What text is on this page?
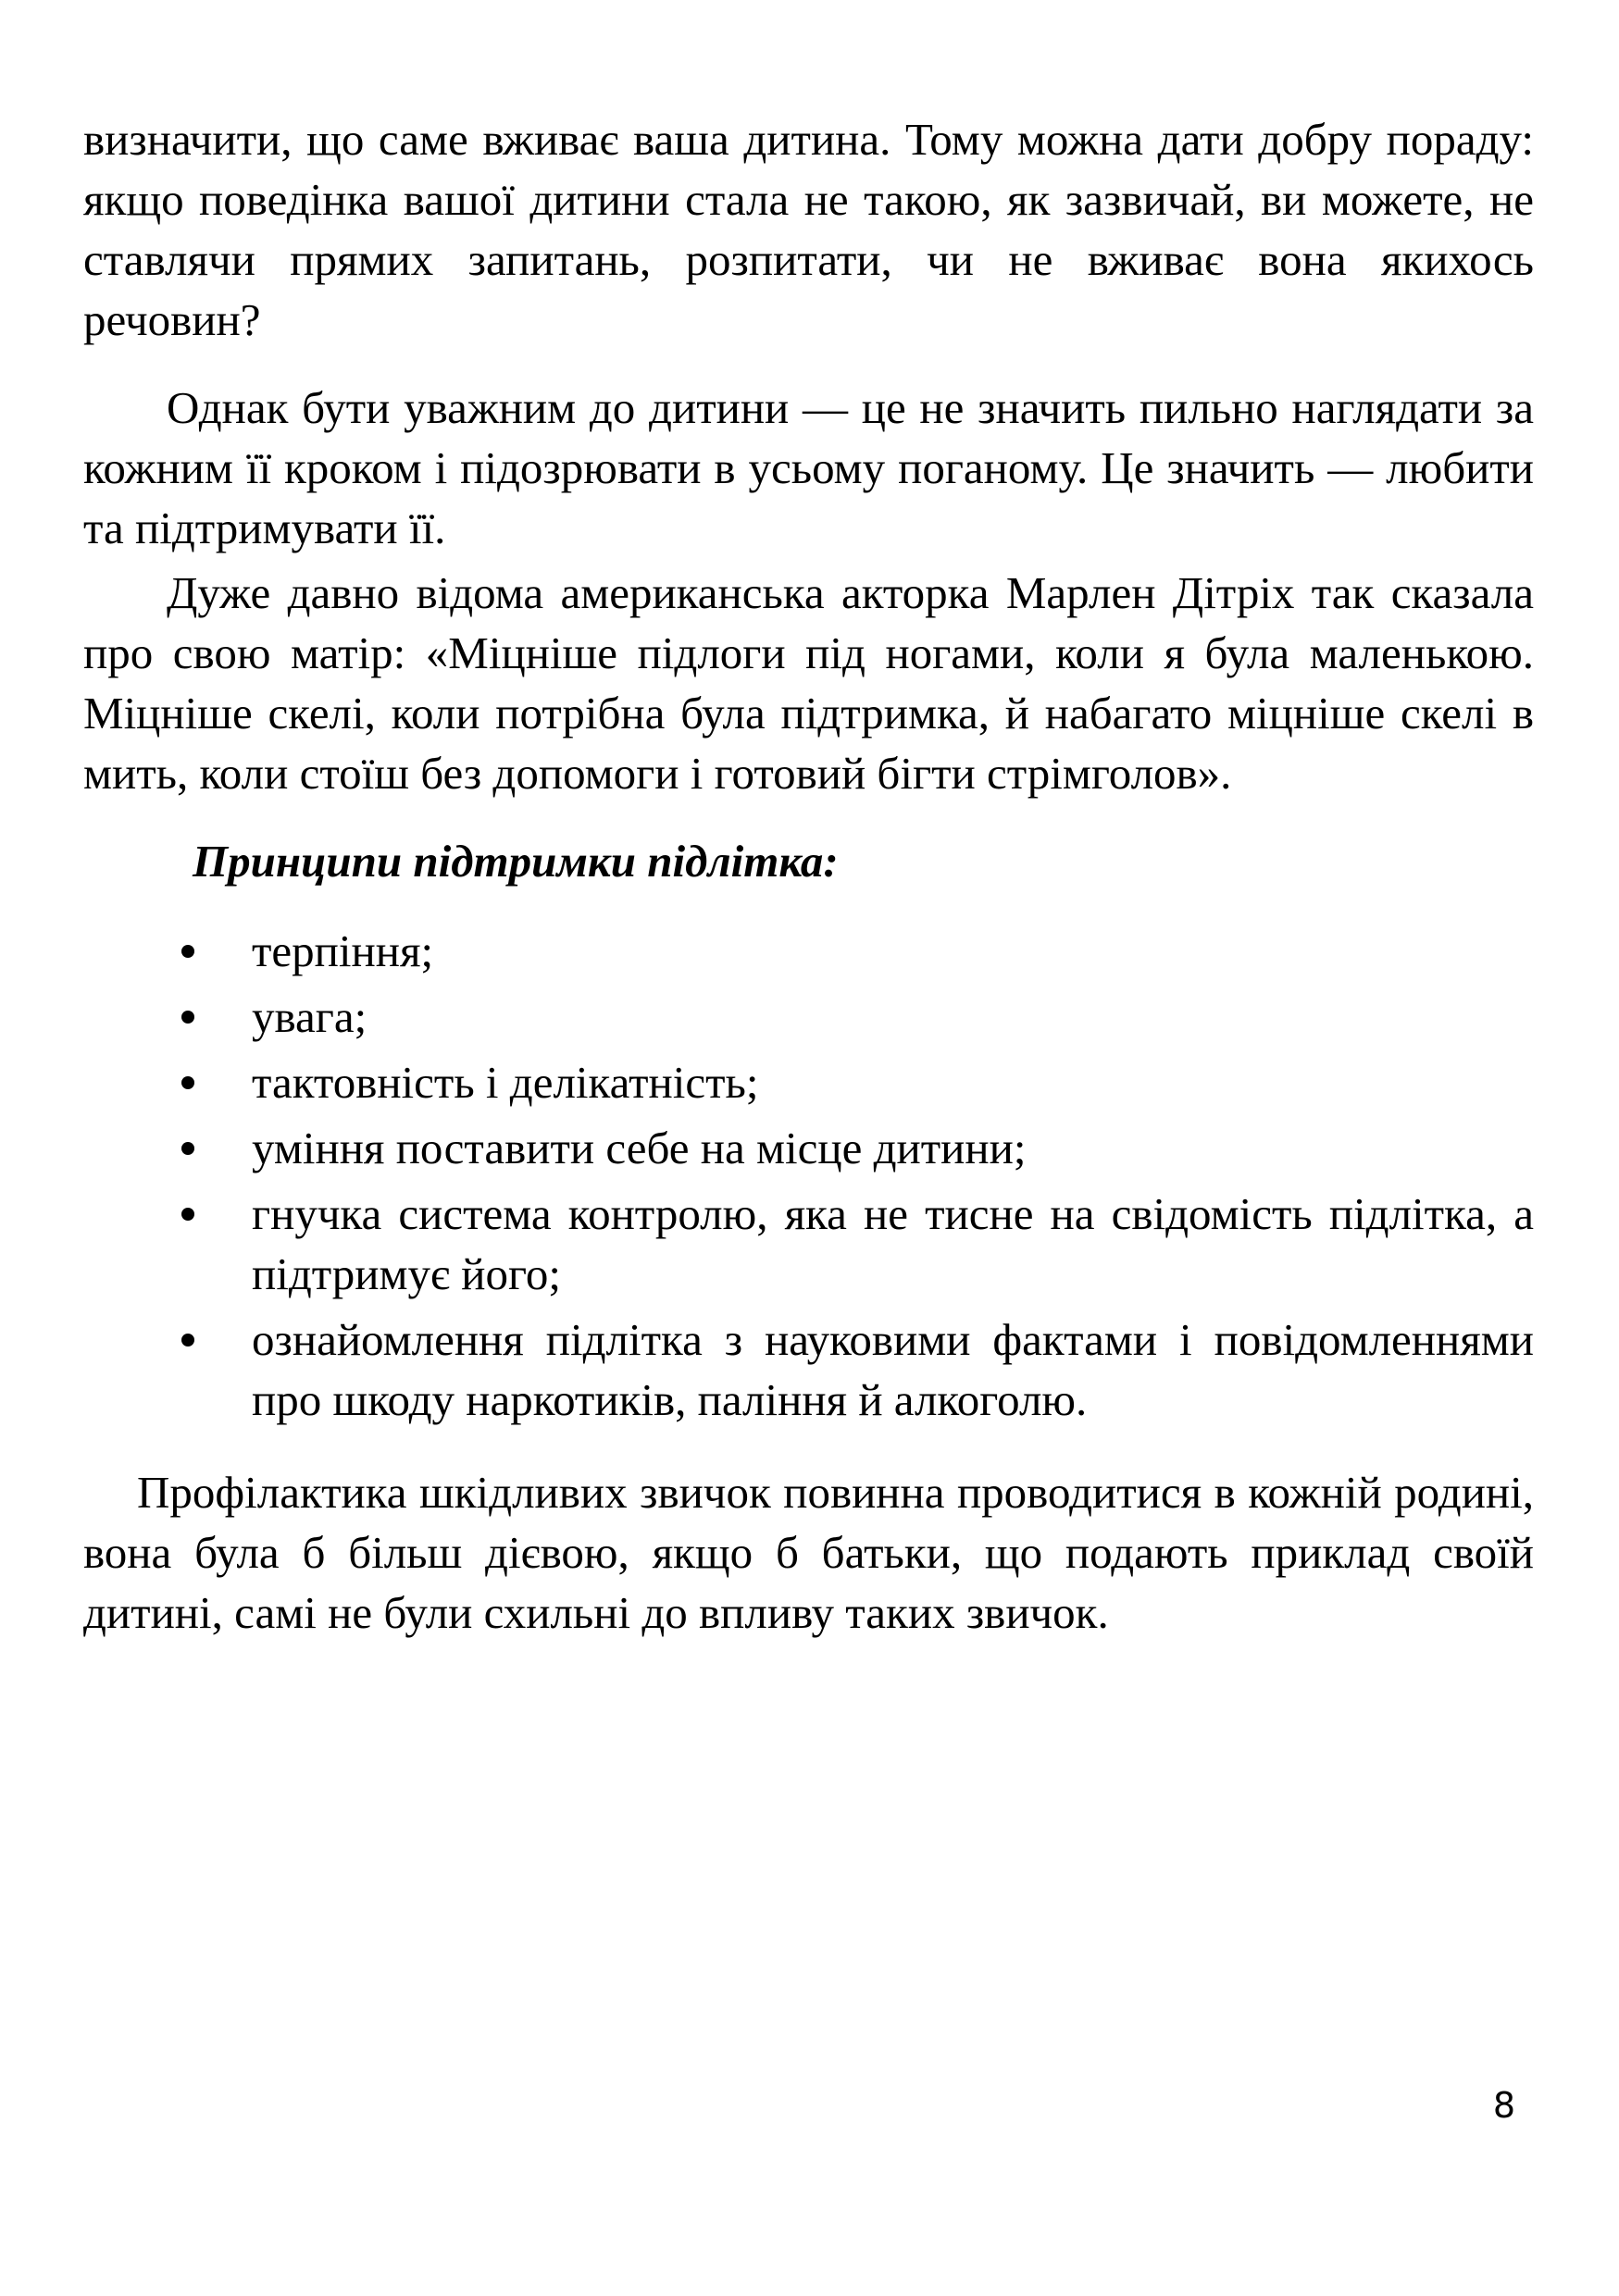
визначити, що саме вживає ваша дитина. Тому можна дати добру пораду: якщо поведінка вашої дитини стала не такою, як зазвичай, ви можете, не ставлячи прямих запитань, розпитати, чи не вживає вона якихось речовин?

Однак бути уважним до дитини — це не значить пильно наглядати за кожним її кроком і підозрювати в усьому поганому. Це значить — любити та підтримувати її.

Дуже давно відома американська акторка Марлен Дітріх так сказала про свою матір: «Міцніше підлоги під ногами, коли я була маленькою. Міцніше скелі, коли потрібна була підтримка, й набагато міцніше скелі в мить, коли стоїш без допомоги і готовий бігти стрімголов».

Принципи підтримки підлітка:
терпіння;
увага;
тактовність і делікатність;
уміння поставити себе на місце дитини;
гнучка система контролю, яка не тисне на свідомість підлітка, а підтримує його;
ознайомлення підлітка з науковими фактами і повідомленнями про шкоду наркотиків, паління й алкоголю.

Профілактика шкідливих звичок повинна проводитися в кожній родині, вона була б більш дієвою, якщо б батьки, що подають приклад своїй дитині, самі не були схильні до впливу таких звичок.

8
